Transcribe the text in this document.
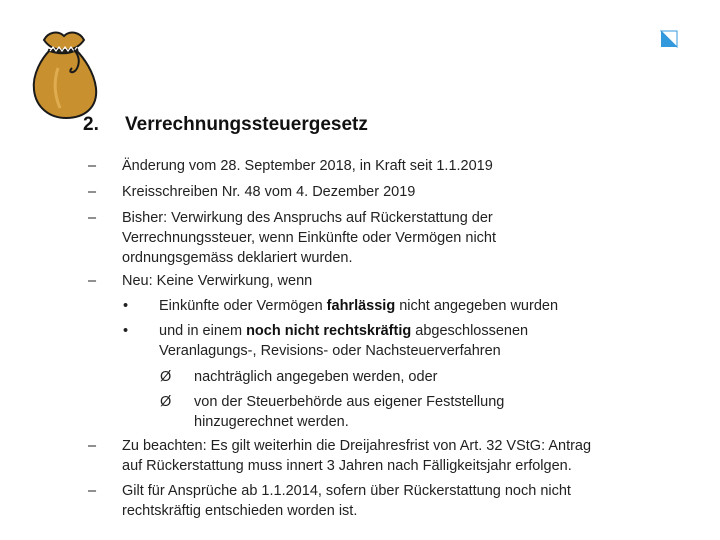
2. Verrechnungssteuergesetz
–	Änderung vom 28. September 2018, in Kraft seit 1.1.2019
–	Kreisschreiben Nr. 48 vom 4. Dezember 2019
–	Bisher: Verwirkung des Anspruchs auf Rückerstattung der
Verrechnungssteuer, wenn Einkünfte oder Vermögen nicht
ordnungsgemäss deklariert wurden.
–	Neu: Keine Verwirkung, wenn
• Einkünfte oder Vermögen fahrlässig nicht angegeben wurden
• und in einem noch nicht rechtskräftig abgeschlossenen
Veranlagungs-, Revisions- oder Nachsteuerverfahren
Ø nachträglich angegeben werden, oder
Ø von der Steuerbehörde aus eigener Feststellung
hinzugerechnet werden.
–	Zu beachten: Es gilt weiterhin die Dreijahresfrist von Art. 32 VStG: Antrag
auf Rückerstattung muss innert 3 Jahren nach Fälligkeitsjahr erfolgen.
–	Gilt für Ansprüche ab 1.1.2014, sofern über Rückerstattung noch nicht
rechtskräftig entschieden worden ist.
